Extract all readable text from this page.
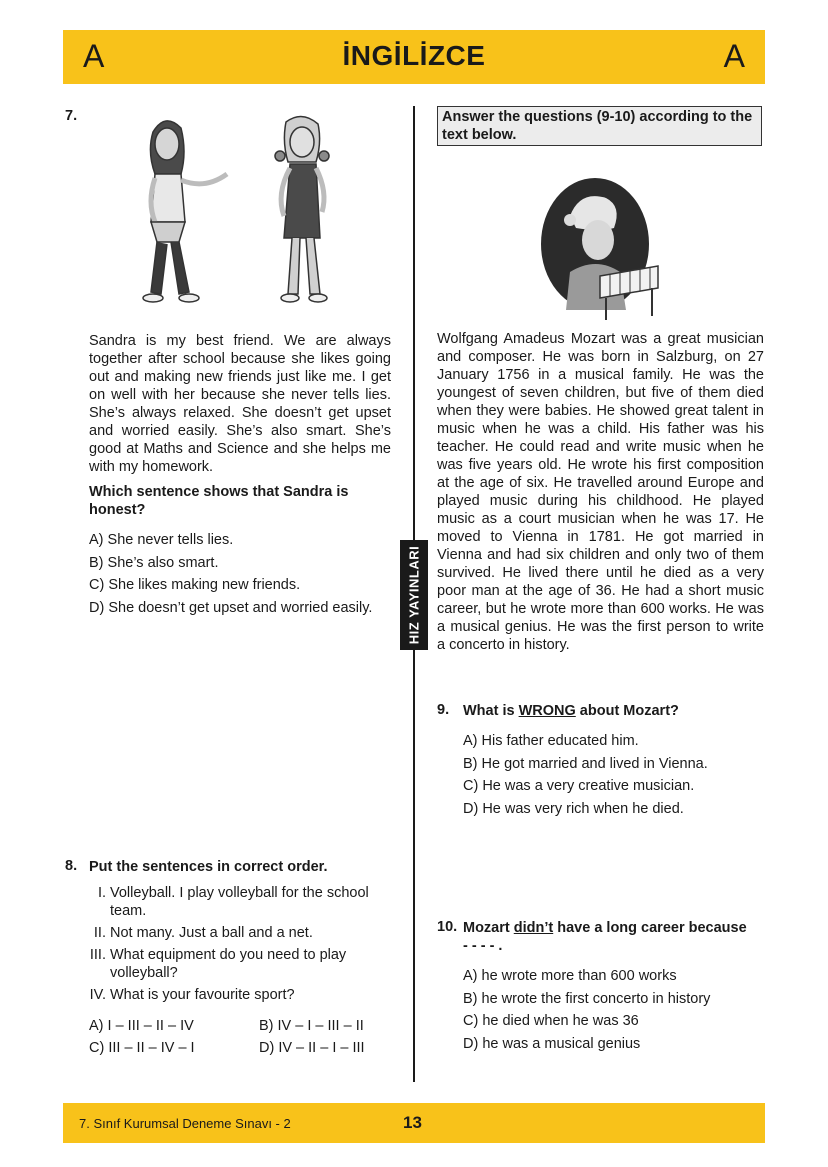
A	İNGİLİZCE	A
HIZ YAYINLARI
7.
Sandra is my best friend. We are always together after school because she likes going out and making new friends just like me. I get on well with her because she never tells lies. She’s always relaxed. She doesn’t get upset and worried easily. She’s also smart. She’s good at Maths and Science and she helps me with my homework.
Which sentence shows that Sandra is honest?
A) She never tells lies.
B) She’s also smart.
C) She likes making new friends.
D) She doesn’t get upset and worried easily.
8. Put the sentences in correct order.
I. Volleyball. I play volleyball for the school team.
II. Not many. Just a ball and a net.
III. What equipment do you need to play volleyball?
IV. What is your favourite sport?
A) I – III – II – IV	B) IV – I – III – II
C) III – II – IV – I	D) IV – II – I – III
Answer the questions (9-10) according to the text below.
Wolfgang Amadeus Mozart was a great musician and composer. He was born in Salzburg, on 27 January 1756 in a musical family. He was the youngest of seven children, but five of them died when they were babies. He showed great talent in music when he was a child. His father was his teacher. He could read and write music when he was five years old. He wrote his first composition at the age of six. He travelled around Europe and played music during his childhood. He played music as a court musician when he was 17. He moved to Vienna in 1781. He got married in Vienna and had six children and only two of them survived. He lived there until he died as a very poor man at the age of 36. He had a short music career, but he wrote more than 600 works. He was a musical genius. He was the first person to write a concerto in history.
9. What is WRONG about Mozart?
A) His father educated him.
B) He got married and lived in Vienna.
C) He was a very creative musician.
D) He was very rich when he died.
10. Mozart didn’t have a long career because
- - - - .
A) he wrote more than 600 works
B) he wrote the first concerto in history
C) he died when he was 36
D) he was a musical genius
7. Sınıf Kurumsal Deneme Sınavı - 2	13
